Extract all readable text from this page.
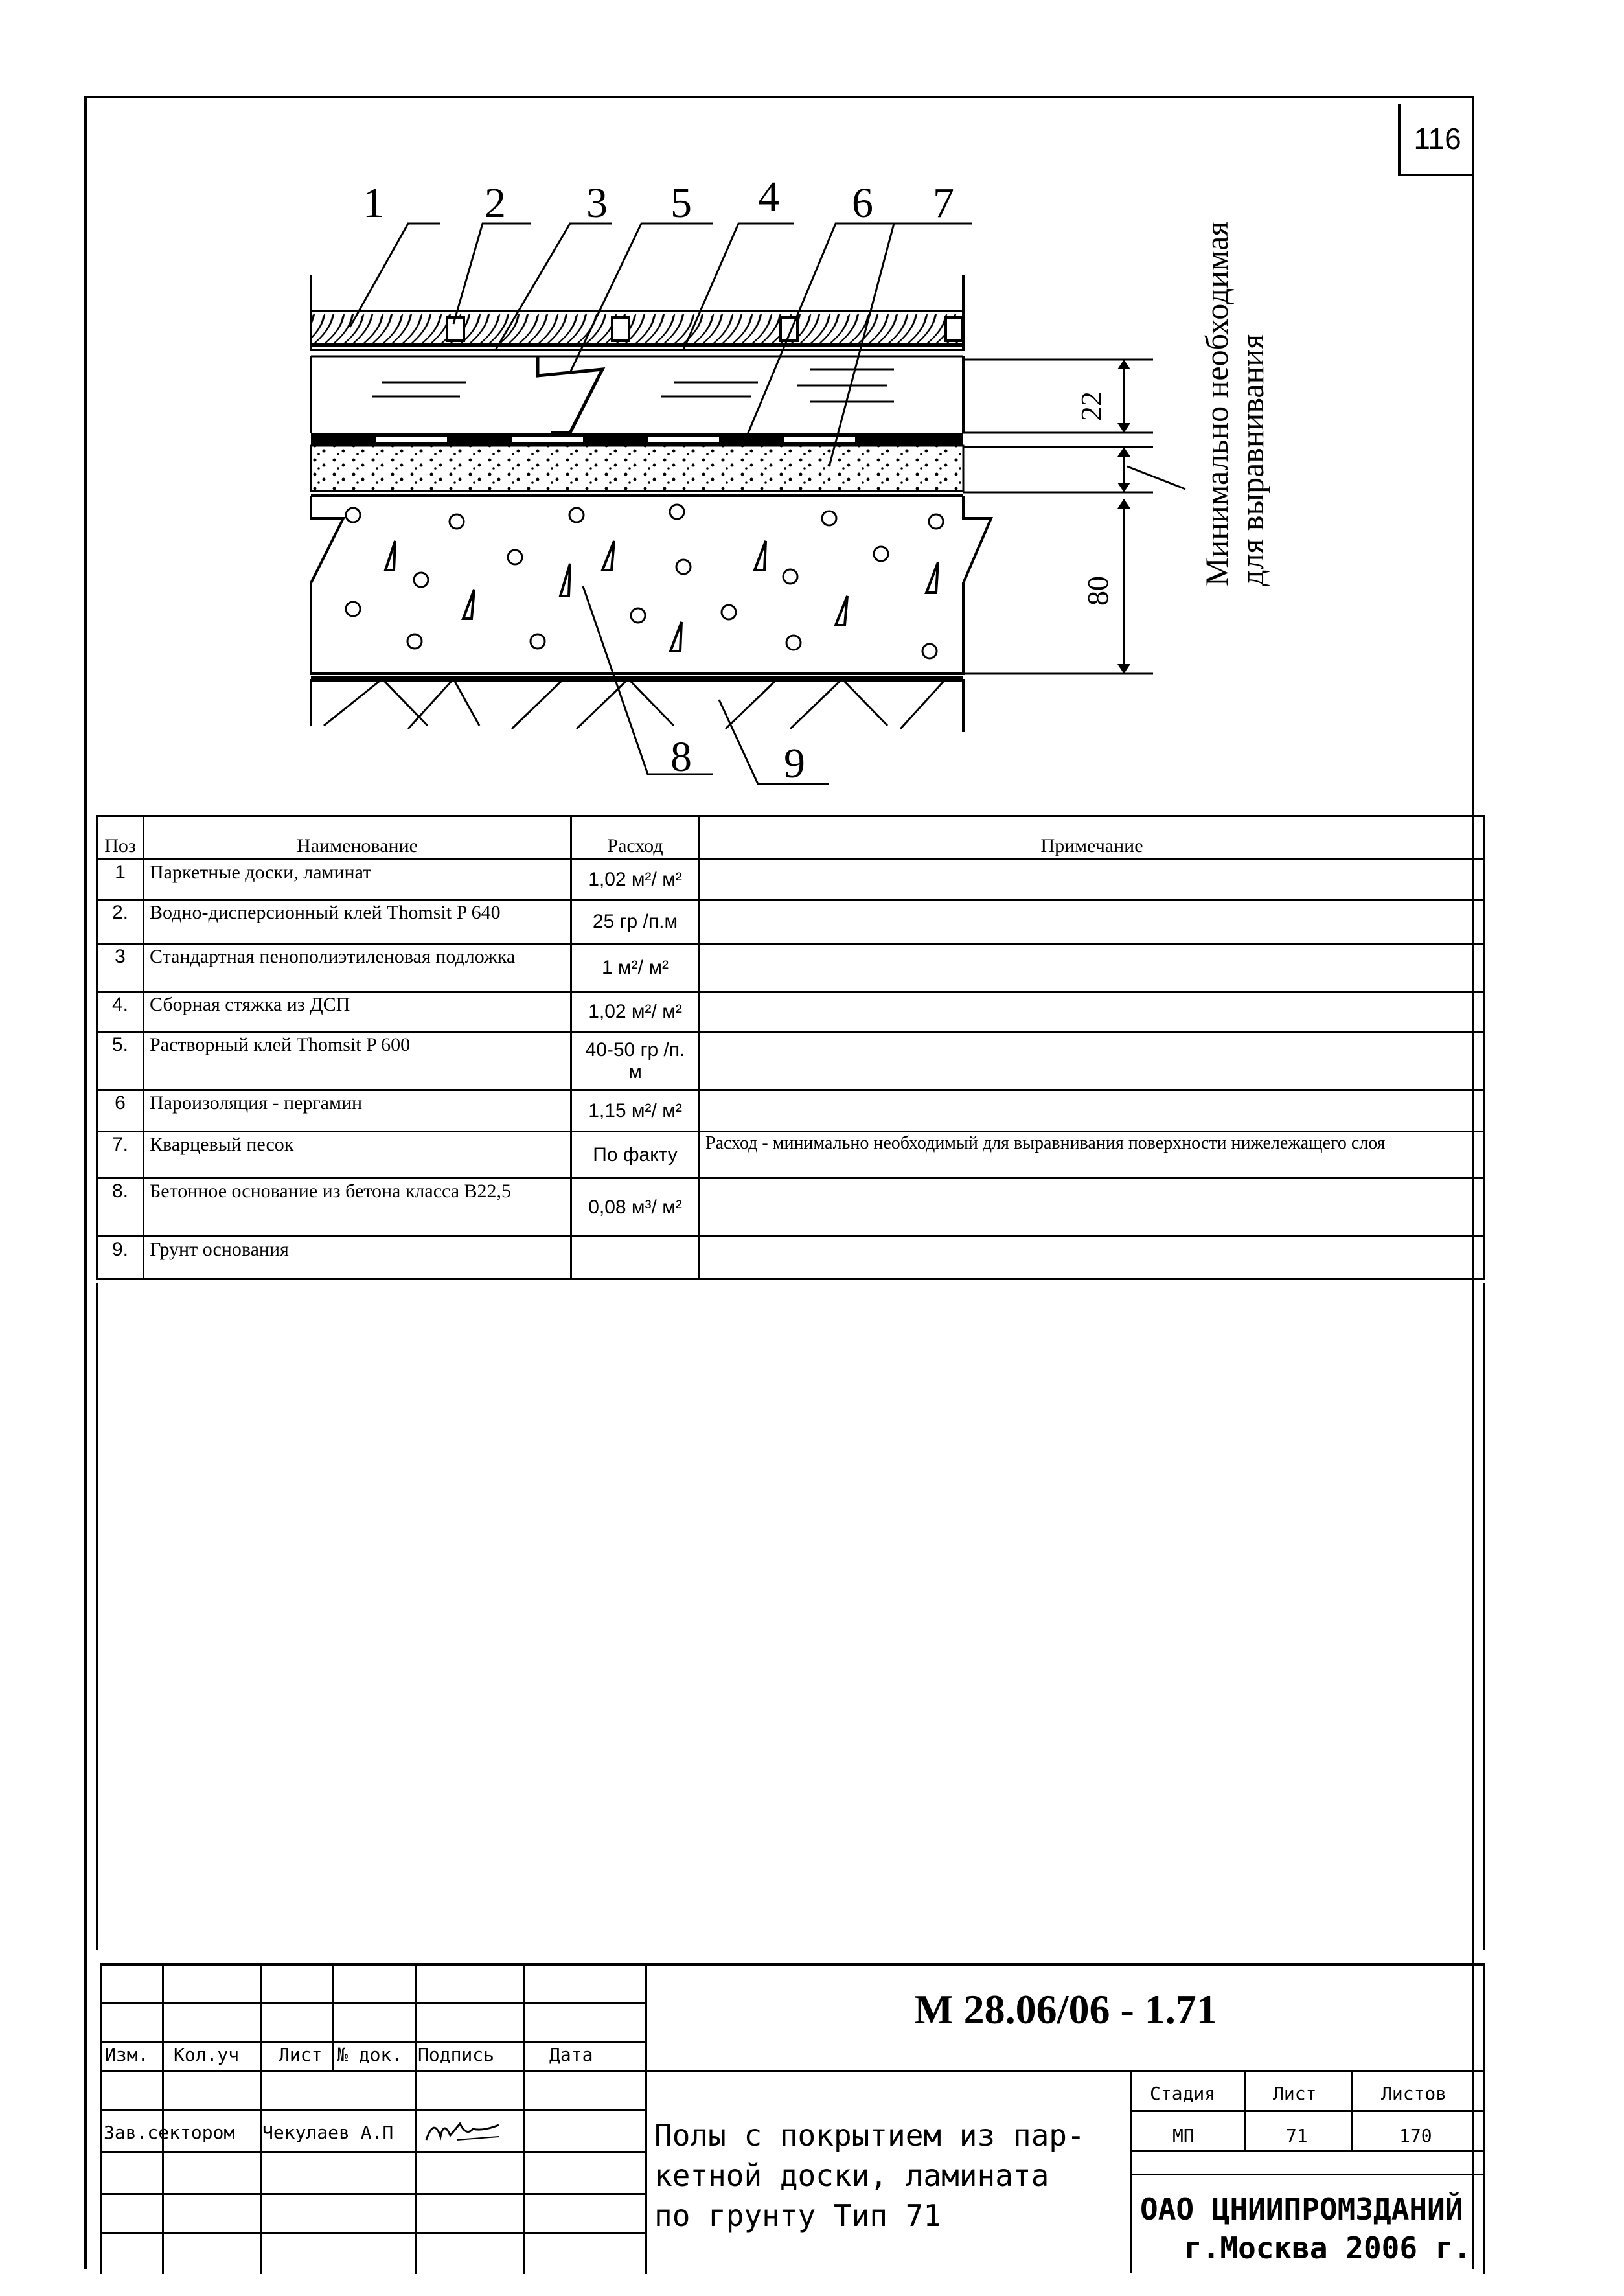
116
1 2 3 5 4 6 7
8 9
22
80
Минимально необходимая для выравнивания
Поз	Наименование	Расход	Примечание
1	Паркетные доски, ламинат	1,02 м²/ м²	
2.	Водно-дисперсионный клей Thomsit P 640	25 гр /п.м	
3	Стандартная пенополиэтиленовая подложка	1 м²/ м²	
4.	Сборная стяжка из ДСП	1,02 м²/ м²	
5.	Растворный клей Thomsit P 600	40-50 гр /п. м	
6	Пароизоляция - пергамин	1,15 м²/ м²	
7.	Кварцевый песок	По факту	Расход - минимально необходимый для выравнивания поверхности нижележащего слоя
8.	Бетонное основание из бетона класса В22,5	0,08 м³/ м²	
9.	Грунт основания		
Изм. Кол.уч Лист № док. Подпись	Дата
Зав.сектором Чекулаев А.П
М 28.06/06 - 1.71
Полы с покрытием из пар-
кетной доски, ламината
по грунту Тип 71
Стадия	Лист	Листов
МП	71	170
ОАО ЦНИИПРОМЗДАНИЙ
г.Москва 2006 г.
